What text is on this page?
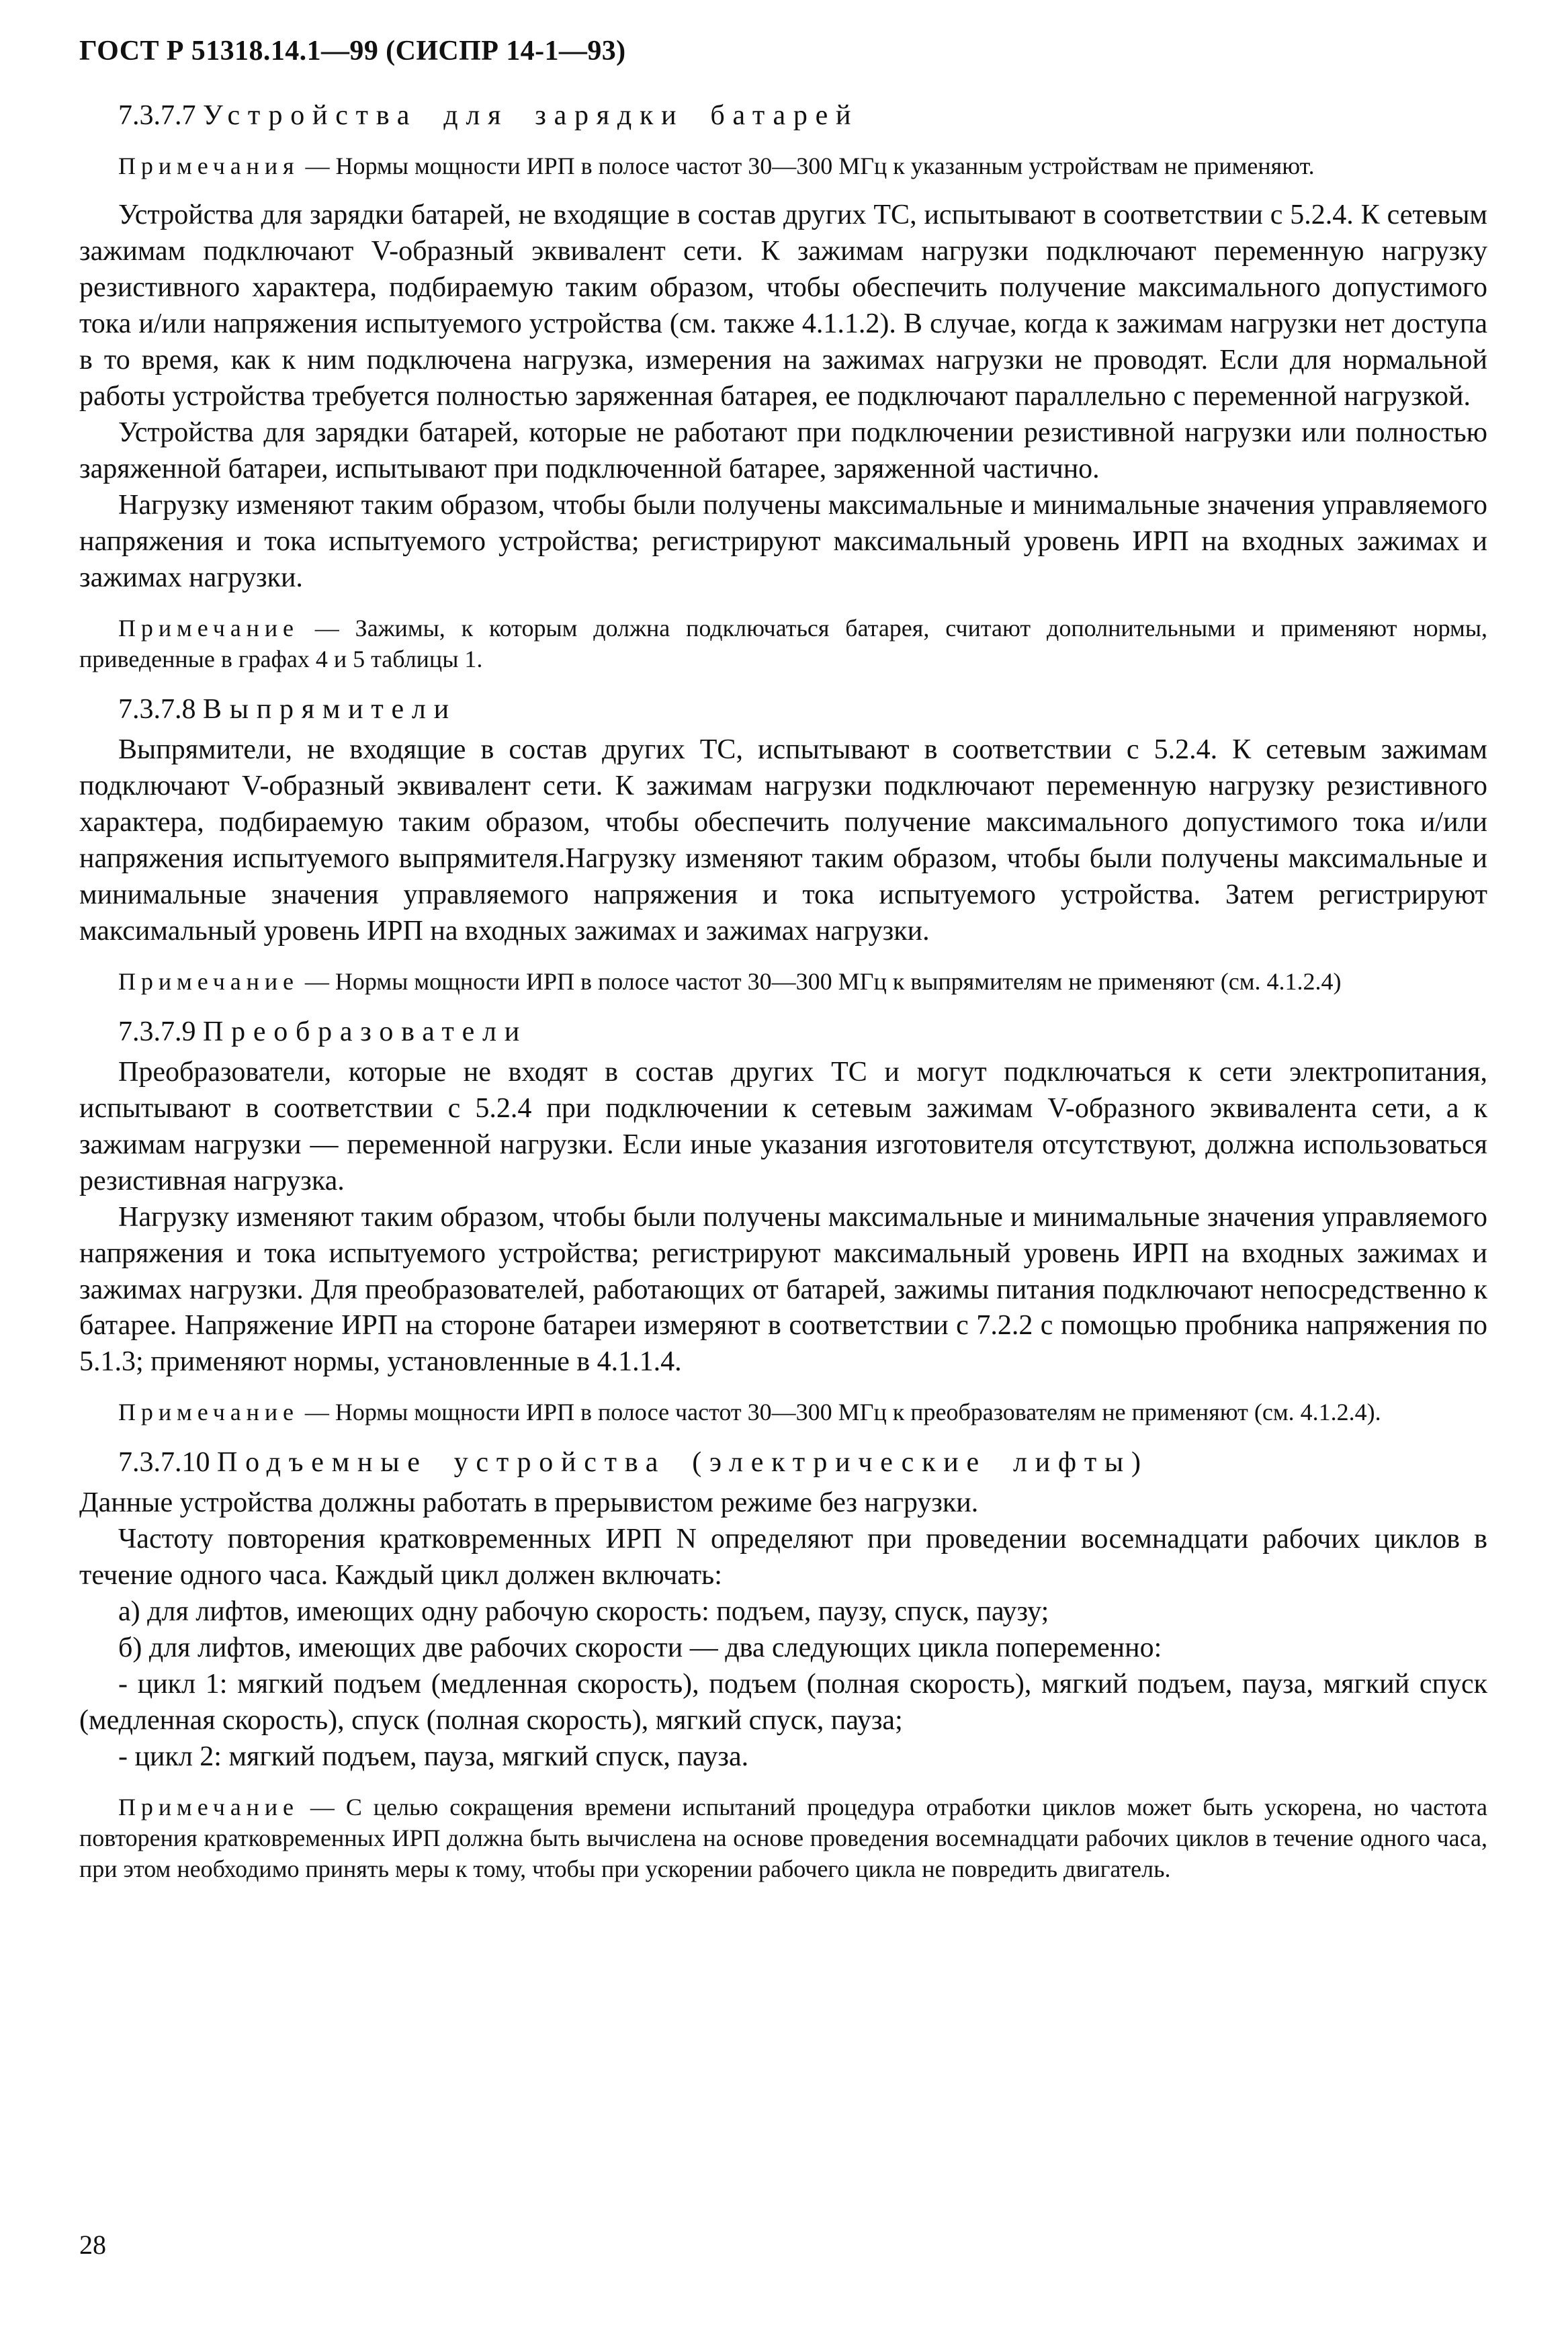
ГОСТ Р 51318.14.1—99 (СИСПР 14-1—93)

7.3.7.7 Устройства для зарядки батарей

Примечания — Нормы мощности ИРП в полосе частот 30—300 МГц к указанным устройствам не применяют.

Устройства для зарядки батарей, не входящие в состав других ТС, испытывают в соответствии с 5.2.4. К сетевым зажимам подключают V-образный эквивалент сети. К зажимам нагрузки подключают переменную нагрузку резистивного характера, подбираемую таким образом, чтобы обеспечить получение максимального допустимого тока и/или напряжения испытуемого устройства (см. также 4.1.1.2). В случае, когда к зажимам нагрузки нет доступа в то время, как к ним подключена нагрузка, измерения на зажимах нагрузки не проводят. Если для нормальной работы устройства требуется полностью заряженная батарея, ее подключают параллельно с переменной нагрузкой.

Устройства для зарядки батарей, которые не работают при подключении резистивной нагрузки или полностью заряженной батареи, испытывают при подключенной батарее, заряженной частично.

Нагрузку изменяют таким образом, чтобы были получены максимальные и минимальные значения управляемого напряжения и тока испытуемого устройства; регистрируют максимальный уровень ИРП на входных зажимах и зажимах нагрузки.

Примечание — Зажимы, к которым должна подключаться батарея, считают дополнительными и применяют нормы, приведенные в графах 4 и 5 таблицы 1.

7.3.7.8 Выпрямители

Выпрямители, не входящие в состав других ТС, испытывают в соответствии с 5.2.4. К сетевым зажимам подключают V-образный эквивалент сети. К зажимам нагрузки подключают переменную нагрузку резистивного характера, подбираемую таким образом, чтобы обеспечить получение максимального допустимого тока и/или напряжения испытуемого выпрямителя.Нагрузку изменяют таким образом, чтобы были получены максимальные и минимальные значения управляемого напряжения и тока испытуемого устройства. Затем регистрируют максимальный уровень ИРП на входных зажимах и зажимах нагрузки.

Примечание — Нормы мощности ИРП в полосе частот 30—300 МГц к выпрямителям не применяют (см. 4.1.2.4)

7.3.7.9 Преобразователи

Преобразователи, которые не входят в состав других ТС и могут подключаться к сети электропитания, испытывают в соответствии с 5.2.4 при подключении к сетевым зажимам V-образного эквивалента сети, а к зажимам нагрузки — переменной нагрузки. Если иные указания изготовителя отсутствуют, должна использоваться резистивная нагрузка.

Нагрузку изменяют таким образом, чтобы были получены максимальные и минимальные значения управляемого напряжения и тока испытуемого устройства; регистрируют максимальный уровень ИРП на входных зажимах и зажимах нагрузки. Для преобразователей, работающих от батарей, зажимы питания подключают непосредственно к батарее. Напряжение ИРП на стороне батареи измеряют в соответствии с 7.2.2 с помощью пробника напряжения по 5.1.3; применяют нормы, установленные в 4.1.1.4.

Примечание — Нормы мощности ИРП в полосе частот 30—300 МГц к преобразователям не применяют (см. 4.1.2.4).

7.3.7.10 Подъемные устройства (электрические лифты)

Данные устройства должны работать в прерывистом режиме без нагрузки.

Частоту повторения кратковременных ИРП N определяют при проведении восемнадцати рабочих циклов в течение одного часа. Каждый цикл должен включать:

а) для лифтов, имеющих одну рабочую скорость: подъем, паузу, спуск, паузу;

б) для лифтов, имеющих две рабочих скорости — два следующих цикла попеременно:

- цикл 1: мягкий подъем (медленная скорость), подъем (полная скорость), мягкий подъем, пауза, мягкий спуск (медленная скорость), спуск (полная скорость), мягкий спуск, пауза;

- цикл 2: мягкий подъем, пауза, мягкий спуск, пауза.

Примечание — С целью сокращения времени испытаний процедура отработки циклов может быть ускорена, но частота повторения кратковременных ИРП должна быть вычислена на основе проведения восемнадцати рабочих циклов в течение одного часа, при этом необходимо принять меры к тому, чтобы при ускорении рабочего цикла не повредить двигатель.

28
